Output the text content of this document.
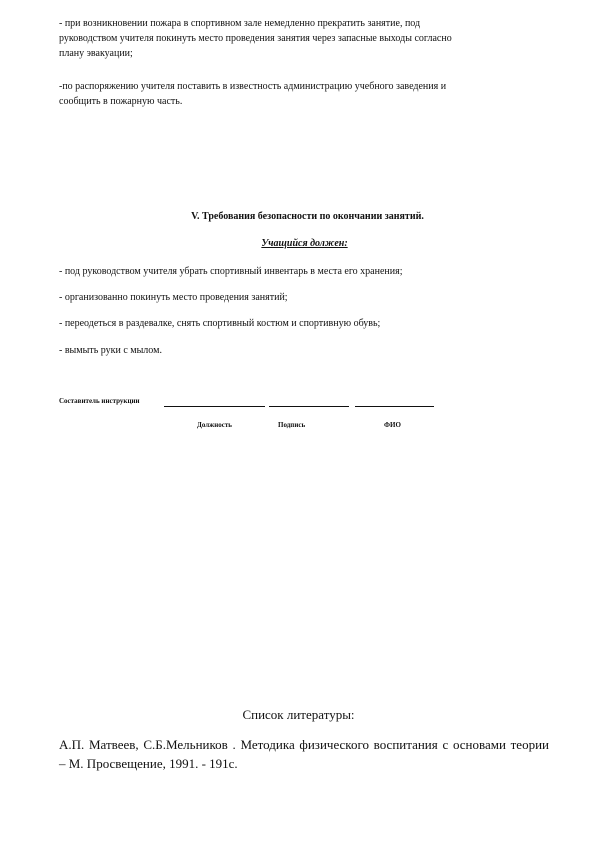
- при возникновении пожара в спортивном зале немедленно прекратить занятие, под
руководством учителя покинуть место проведения занятия через запасные выходы согласно
плану эвакуации;
-по распоряжению учителя поставить в известность администрацию учебного заведения и
сообщить в пожарную часть.
V. Требования безопасности по окончании занятий.
Учащийся должен:
- под руководством учителя убрать спортивный инвентарь в места его хранения;
- организованно покинуть место проведения занятий;
- переодеться в раздевалке, снять спортивный костюм и спортивную обувь;
- вымыть руки с мылом.
Составитель инструкции
Должность	Подпись	ФИО
Список литературы:
А.П. Матвеев, С.Б.Мельников . Методика физического воспитания с основами теории
– М. Просвещение, 1991. - 191с.
